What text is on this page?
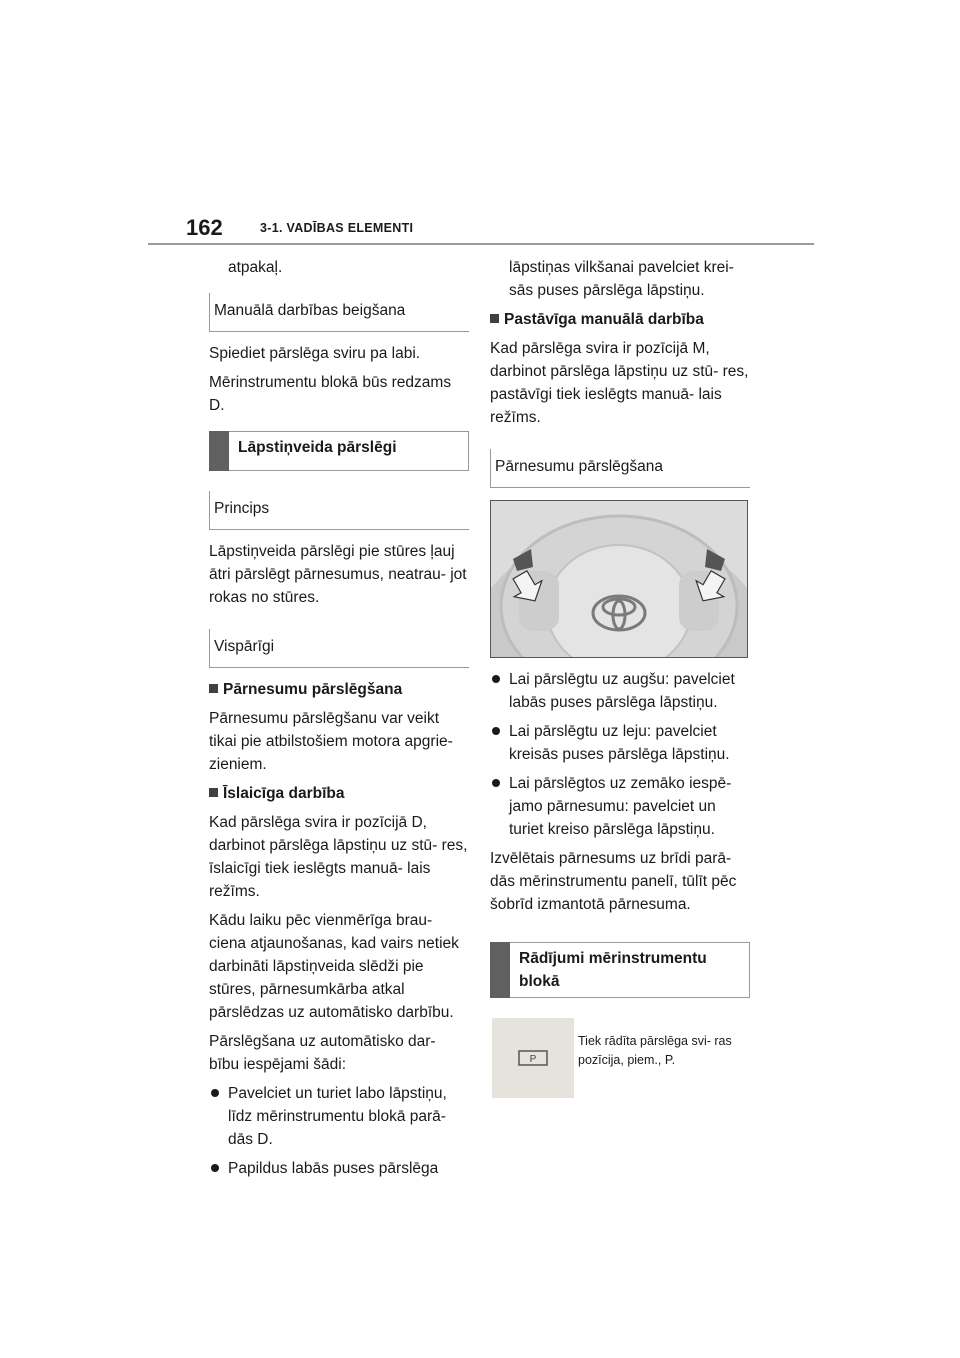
162	3-1. VADĪBAS ELEMENTI

atpakaļ.

Manuālā darbības beigšana

Spiediet pārslēga sviru pa labi.

Mērinstrumentu blokā būs redzams D.

Lāpstiņveida pārslēgi
Princips

Lāpstiņveida pārslēgi pie stūres ļauj ātri pārslēgt pārnesumus, neatrau- jot rokas no stūres.

Vispārīgi
Pārnesumu pārslēgšana

Pārnesumu pārslēgšanu var veikt tikai pie atbilstošiem motora apgrie- zieniem.

Īslaicīga darbība

Kad pārslēga svira ir pozīcijā D, darbinot pārslēga lāpstiņu uz stū- res, īslaicīgi tiek ieslēgts manuā- lais režīms.

Kādu laiku pēc vienmērīga brau- ciena atjaunošanas, kad vairs netiek darbināti lāpstiņveida slēdži pie stūres, pārnesumkārba atkal pārslēdzas uz automātisko darbību.

Pārslēgšana uz automātisko dar- bību iespējami šādi:

Pavelciet un turiet labo lāpstiņu, līdz mērinstrumentu blokā parā- dās D.
Papildus labās puses pārslēga

lāpstiņas vilkšanai pavelciet krei- sās puses pārslēga lāpstiņu.

Pastāvīga manuālā darbība

Kad pārslēga svira ir pozīcijā M, darbinot pārslēga lāpstiņu uz stū- res, pastāvīgi tiek ieslēgts manuā- lais režīms.

Pārnesumu pārslēgšana
Lai pārslēgtu uz augšu: pavelciet labās puses pārslēga lāpstiņu.
Lai pārslēgtu uz leju: pavelciet kreisās puses pārslēga lāpstiņu.
Lai pārslēgtos uz zemāko iespē- jamo pārnesumu: pavelciet un turiet kreiso pārslēga lāpstiņu.

Izvēlētais pārnesums uz brīdi parā- dās mērinstrumentu panelī, tūlīt pēc šobrīd izmantotā pārnesuma.

Rādījumi mērinstrumentu blokā
P
Tiek rādīta pārslēga svi- ras pozīcija, piem., P.
